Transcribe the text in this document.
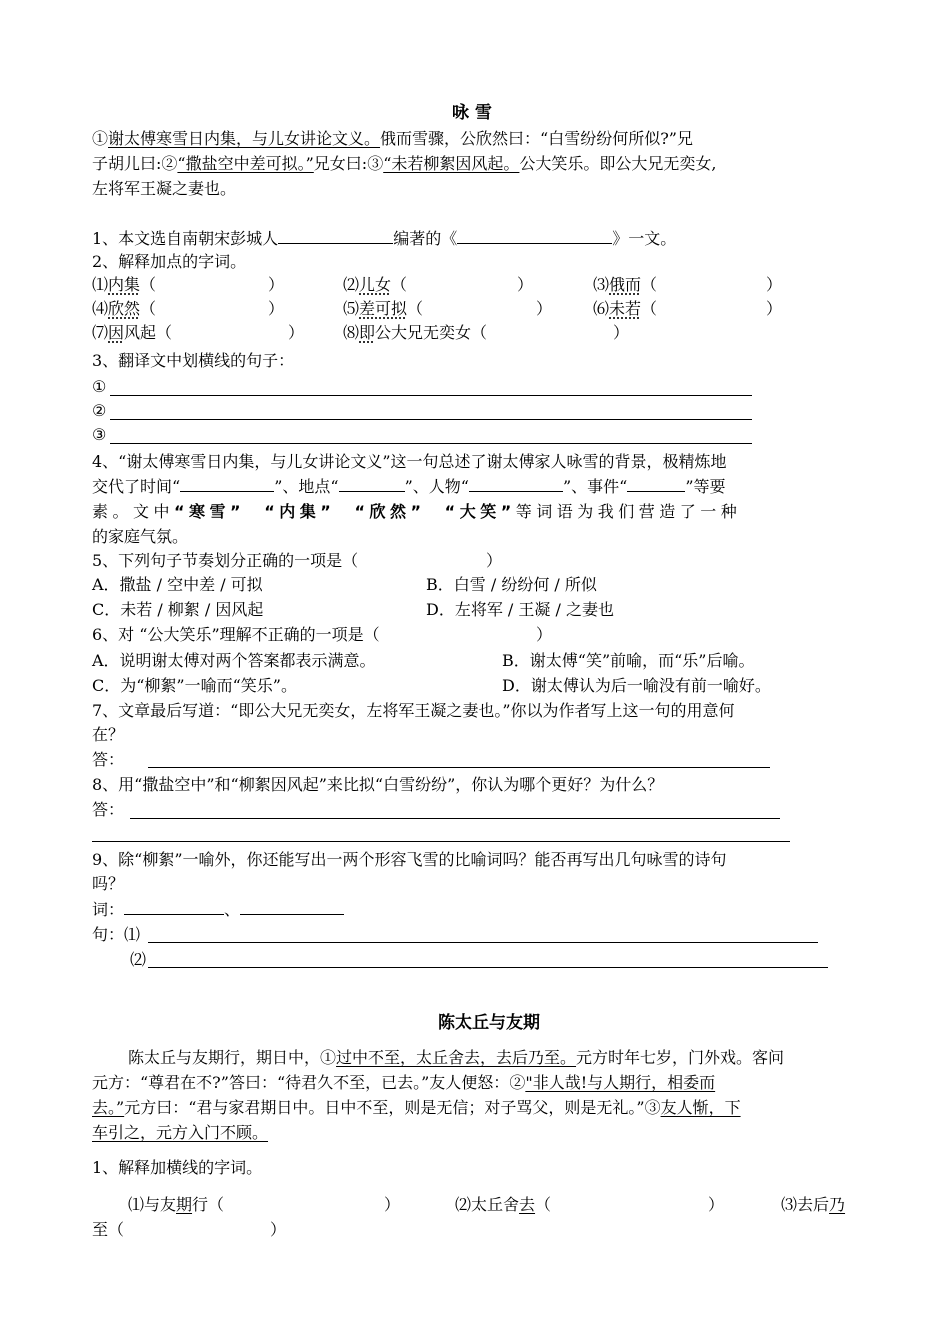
咏 雪
①谢太傅寒雪日内集，与儿女讲论文义。俄而雪骤，公欣然曰：“白雪纷纷何所似?”兄
子胡儿曰:②“撒盐空中差可拟。”兄女曰:③“未若柳絮因风起。公大笑乐。即公大兄无奕女,
左将军王凝之妻也。
1、本文选自南朝宋彭城人	编著的《	》一文。
2、解释加点的字词。
⑴内集（	）	⑵儿女（	）	⑶俄而（	）
⑷欣然（	）	⑸差可拟（	）	⑹未若（	）
⑺因风起（	） ⑻即公大兄无奕女（	）
3、翻译文中划横线的句子：
①
②
③
4、“谢太傅寒雪日内集，与儿女讲论文义”这一句总述了谢太傅家人咏雪的背景，极精炼地
交代了时间“	”、地点“	”、人物“	”、事件“	”等要
素。文中“寒雪” “内集” “欣然” “大笑”等词语为我们营造了一种
的家庭气氛。
5、下列句子节奏划分正确的一项是（	）
A．撒盐 / 空中差 / 可拟	B．白雪 / 纷纷何 / 所似
C．未若 / 柳絮 / 因风起	D．左将军 / 王凝 / 之妻也
6、对 “公大笑乐”理解不正确的一项是（	）
A．说明谢太傅对两个答案都表示满意。	B．谢太傅“笑”前喻，而“乐”后喻。
C．为“柳絮”一喻而“笑乐”。	D．谢太傅认为后一喻没有前一喻好。
7、文章最后写道：“即公大兄无奕女，左将军王凝之妻也。”你以为作者写上这一句的用意何
在？
答：
8、用“撒盐空中”和“柳絮因风起”来比拟“白雪纷纷”，你认为哪个更好？为什么？
答：
9、除“柳絮”一喻外，你还能写出一两个形容飞雪的比喻词吗？能否再写出几句咏雪的诗句
吗？
词：	、
句：⑴
⑵
陈太丘与友期
陈太丘与友期行，期日中，①过中不至，太丘舍去，去后乃至。元方时年七岁，门外戏。客问
元方：“尊君在不?”答曰：“待君久不至，已去。”友人便怒：②"非人哉!与人期行，相委而
去。”元方曰：“君与家君期日中。日中不至，则是无信；对子骂父，则是无礼。”③友人惭，下
车引之，元方入门不顾。
1、解释加横线的字词。
⑴与友期行（	）	⑵太丘舍去（	）	⑶去后乃
至（	）
